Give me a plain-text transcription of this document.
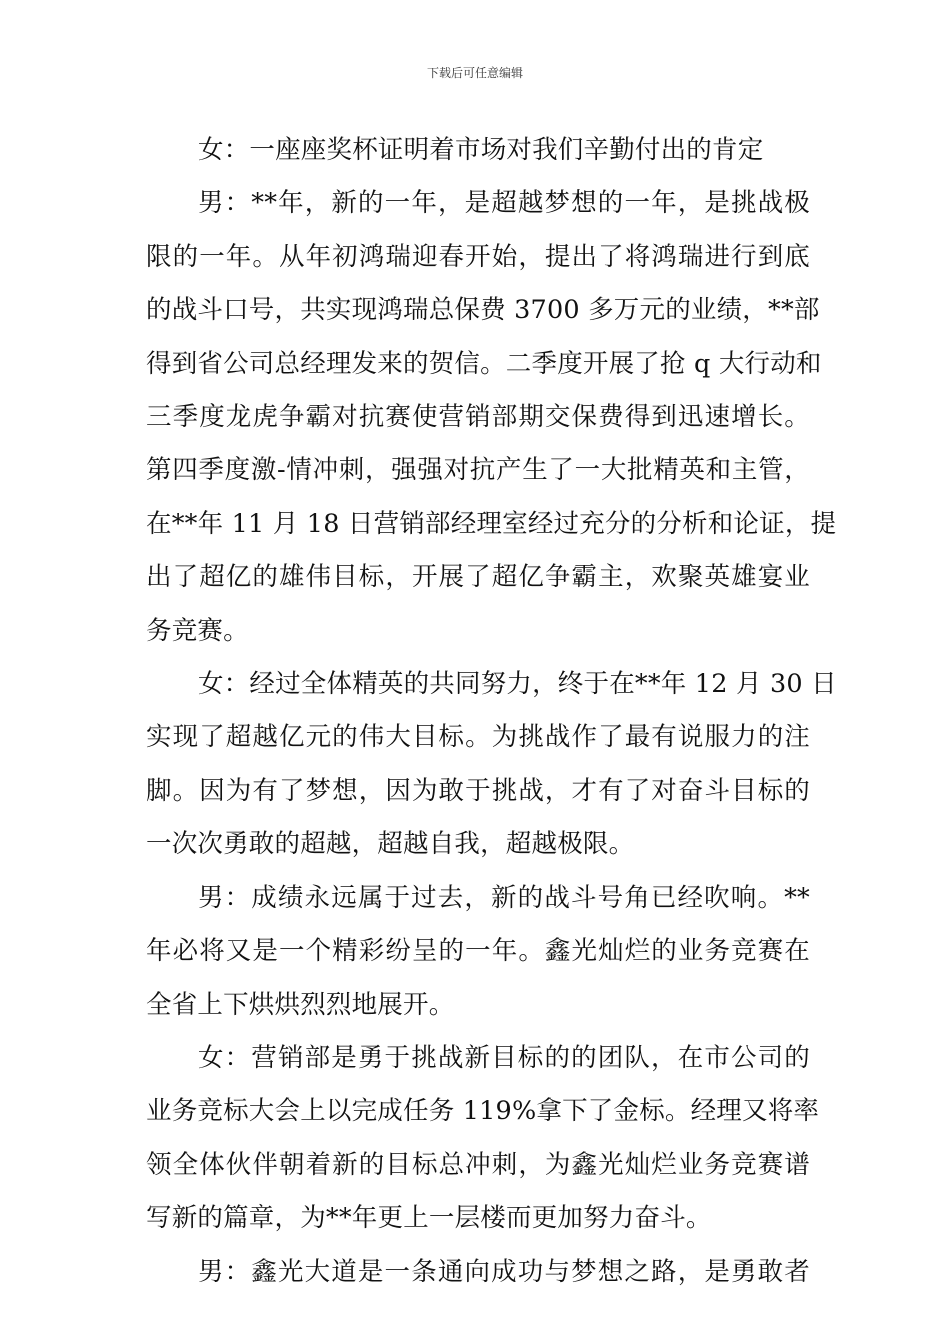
下载后可任意编辑

女：一座座奖杯证明着市场对我们辛勤付出的肯定

男：**年，新的一年，是超越梦想的一年，是挑战极
限的一年。从年初鸿瑞迎春开始，提出了将鸿瑞进行到底
的战斗口号，共实现鸿瑞总保费 3700 多万元的业绩，**部
得到省公司总经理发来的贺信。二季度开展了抢 q 大行动和
三季度龙虎争霸对抗赛使营销部期交保费得到迅速增长。
第四季度激-情冲刺，强强对抗产生了一大批精英和主管，
在**年 11 月 18 日营销部经理室经过充分的分析和论证，提
出了超亿的雄伟目标，开展了超亿争霸主，欢聚英雄宴业
务竞赛。

女：经过全体精英的共同努力，终于在**年 12 月 30 日
实现了超越亿元的伟大目标。为挑战作了最有说服力的注
脚。因为有了梦想，因为敢于挑战，才有了对奋斗目标的
一次次勇敢的超越，超越自我，超越极限。

男：成绩永远属于过去，新的战斗号角已经吹响。**
年必将又是一个精彩纷呈的一年。鑫光灿烂的业务竞赛在
全省上下烘烘烈烈地展开。

女：营销部是勇于挑战新目标的的团队，在市公司的
业务竞标大会上以完成任务 119%拿下了金标。经理又将率
领全体伙伴朝着新的目标总冲刺，为鑫光灿烂业务竞赛谱
写新的篇章，为**年更上一层楼而更加努力奋斗。

男：鑫光大道是一条通向成功与梦想之路，是勇敢者
